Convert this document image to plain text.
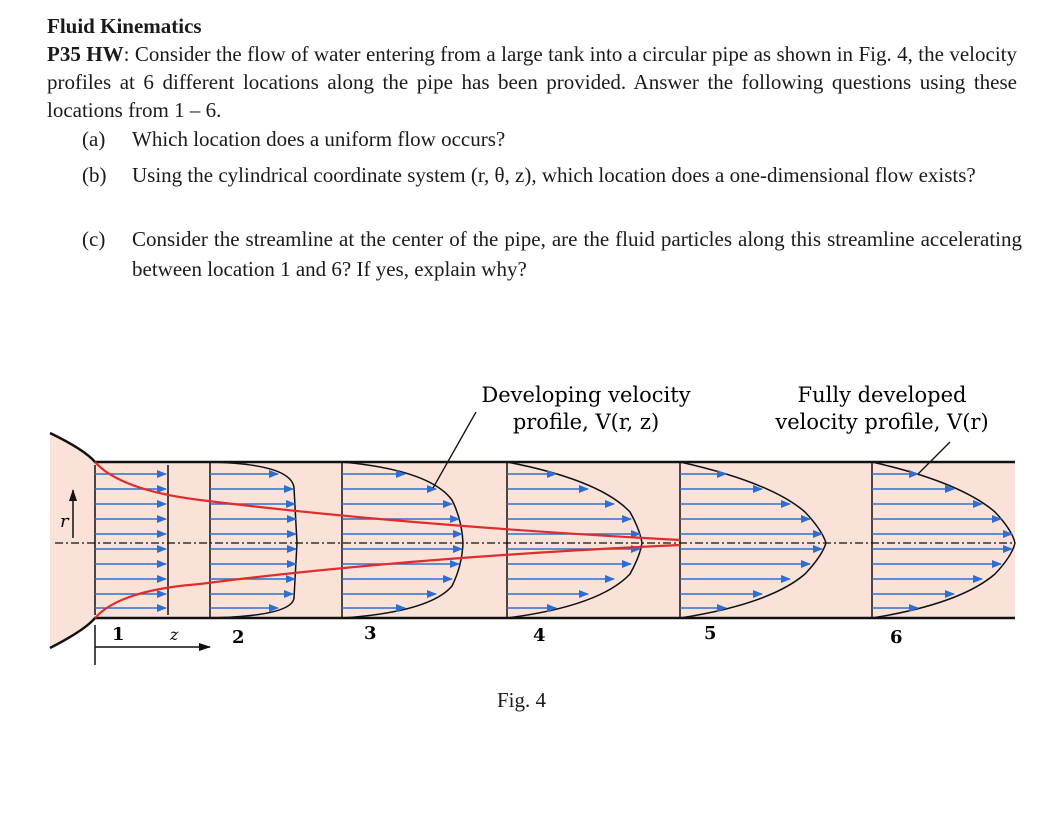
Fluid Kinematics
P35 HW: Consider the flow of water entering from a large tank into a circular pipe as shown in Fig. 4, the velocity profiles at 6 different locations along the pipe has been provided. Answer the following questions using these locations from 1 – 6.
(a) Which location does a uniform flow occurs?
(b) Using the cylindrical coordinate system (r, θ, z), which location does a one-dimensional flow exists?
(c) Consider the streamline at the center of the pipe, are the fluid particles along this streamline accelerating between location 1 and 6? If yes, explain why?
r
z
Developing velocity
profile, V(r, z)
Fully developed
velocity profile, V(r)
1	2	3	4	5	6
Fig. 4
